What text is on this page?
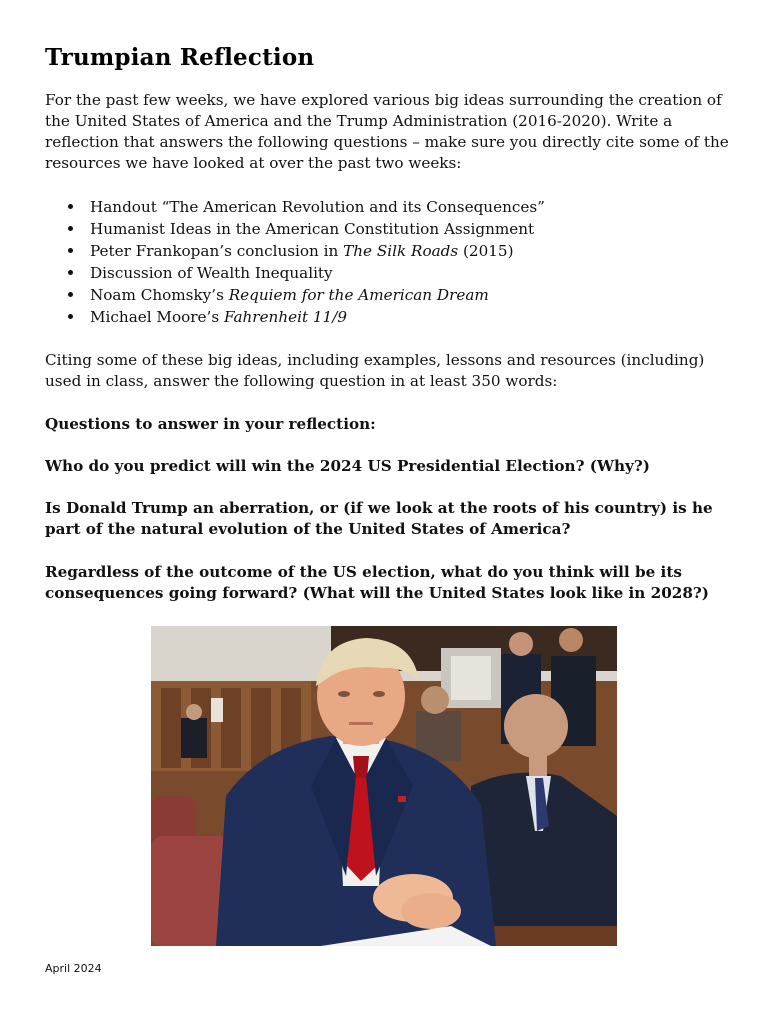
Trumpian Reflection

For the past few weeks, we have explored various big ideas surrounding the creation of the United States of America and the Trump Administration (2016-2020). Write a reflection that answers the following questions – make sure you directly cite some of the resources we have looked at over the past two weeks:

Handout “The American Revolution and its Consequences”
Humanist Ideas in the American Constitution Assignment
Peter Frankopan’s conclusion in The Silk Roads (2015)
Discussion of Wealth Inequality
Noam Chomsky’s Requiem for the American Dream
Michael Moore’s Fahrenheit 11/9

Citing some of these big ideas, including examples, lessons and resources (including) used in class, answer the following question in at least 350 words:

Questions to answer in your reflection:

Who do you predict will win the 2024 US Presidential Election? (Why?)

Is Donald Trump an aberration, or (if we look at the roots of his country) is he part of the natural evolution of the United States of America?

Regardless of the outcome of the US election, what do you think will be its consequences going forward? (What will the United States look like in 2028?)

April 2024
